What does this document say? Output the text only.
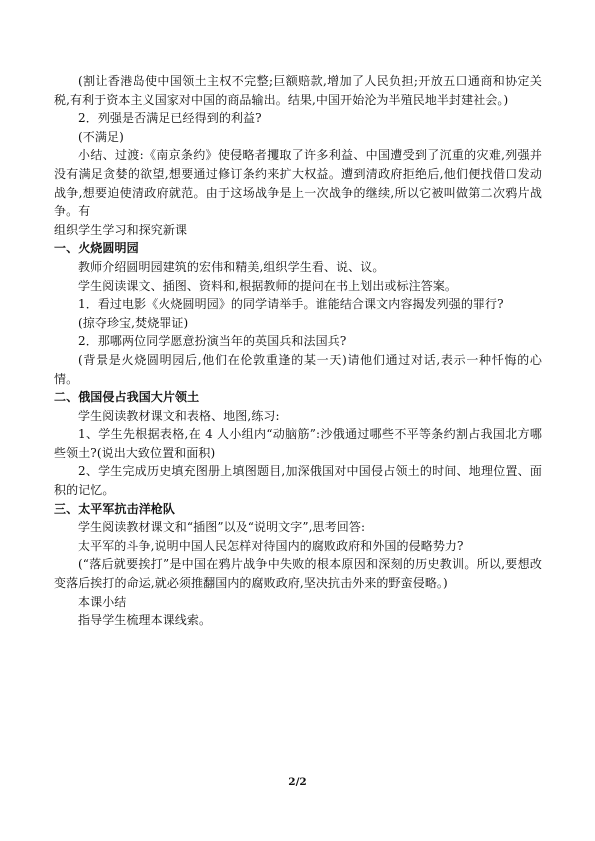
(割让香港岛使中国领土主权不完整;巨额赔款,增加了人民负担;开放五口通商和协定关税,有利于资本主义国家对中国的商品输出。结果,中国开始沦为半殖民地半封建社会。)

2．列强是否满足已经得到的利益?

(不满足)

小结、过渡:《南京条约》使侵略者攫取了许多利益、中国遭受到了沉重的灾难,列强并没有满足贪婪的欲望,想要通过修订条约来扩大权益。遭到清政府拒绝后,他们便找借口发动战争,想要迫使清政府就范。由于这场战争是上一次战争的继续,所以它被叫做第二次鸦片战争。有

组织学生学习和探究新课

一、火烧圆明园

教师介绍圆明园建筑的宏伟和精美,组织学生看、说、议。

学生阅读课文、插图、资料和,根据教师的提问在书上划出或标注答案。

1．看过电影《火烧圆明园》的同学请举手。谁能结合课文内容揭发列强的罪行?

(掠夺珍宝,焚烧罪证)

2．那哪两位同学愿意扮演当年的英国兵和法国兵?

(背景是火烧圆明园后,他们在伦敦重逢的某一天)请他们通过对话,表示一种忏悔的心情。

二、俄国侵占我国大片领土

学生阅读教材课文和表格、地图,练习:

1、学生先根据表格,在 4 人小组内“动脑筋”:沙俄通过哪些不平等条约割占我国北方哪些领土?(说出大致位置和面积)

2、学生完成历史填充图册上填图题目,加深俄国对中国侵占领土的时间、地理位置、面积的记忆。

三、太平军抗击洋枪队

学生阅读教材课文和“插图”以及“说明文字”,思考回答:

太平军的斗争,说明中国人民怎样对待国内的腐败政府和外国的侵略势力?

(“落后就要挨打”是中国在鸦片战争中失败的根本原因和深刻的历史教训。所以,要想改变落后挨打的命运,就必须推翻国内的腐败政府,坚决抗击外来的野蛮侵略。)

本课小结

指导学生梳理本课线索。

2/2
